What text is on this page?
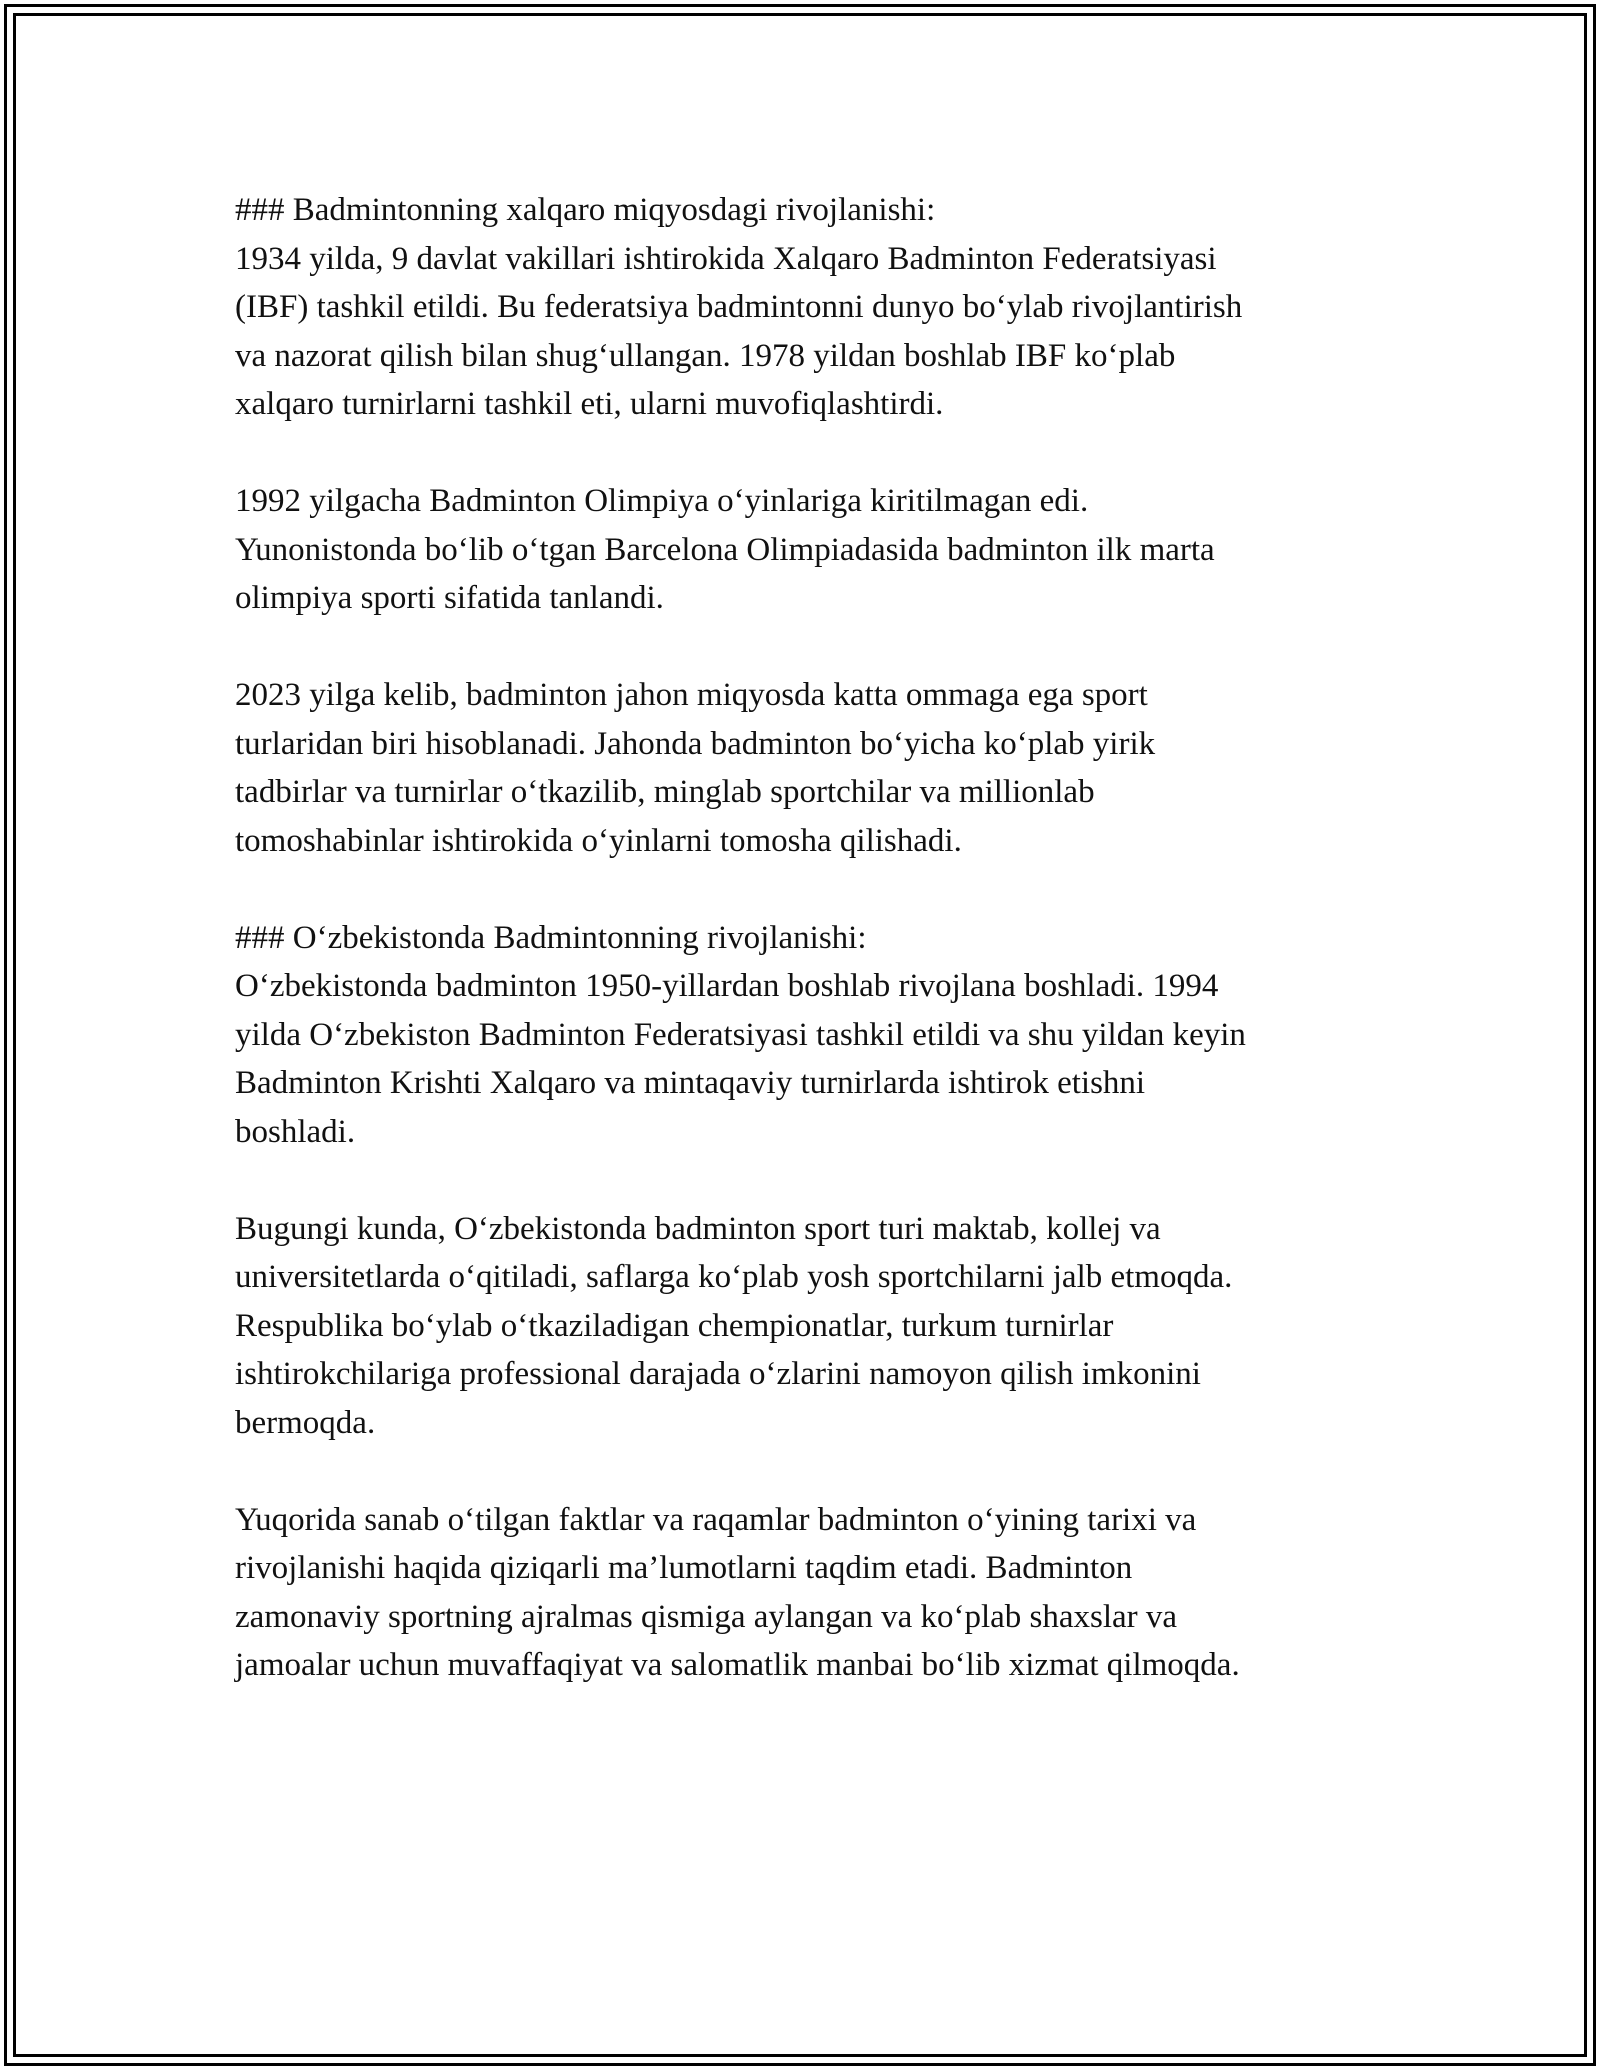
### Badmintonning xalqaro miqyosdagi rivojlanishi:
1934 yilda, 9 davlat vakillari ishtirokida Xalqaro Badminton Federatsiyasi
(IBF) tashkil etildi. Bu federatsiya badmintonni dunyo bo‘ylab rivojlantirish
va nazorat qilish bilan shug‘ullangan. 1978 yildan boshlab IBF ko‘plab
xalqaro turnirlarni tashkil eti, ularni muvofiqlashtirdi.
1992 yilgacha Badminton Olimpiya o‘yinlariga kiritilmagan edi.
Yunonistonda bo‘lib o‘tgan Barcelona Olimpiadasida badminton ilk marta
olimpiya sporti sifatida tanlandi.
2023 yilga kelib, badminton jahon miqyosda katta ommaga ega sport
turlaridan biri hisoblanadi. Jahonda badminton bo‘yicha ko‘plab yirik
tadbirlar va turnirlar o‘tkazilib, minglab sportchilar va millionlab
tomoshabinlar ishtirokida o‘yinlarni tomosha qilishadi.
### O‘zbekistonda Badmintonning rivojlanishi:
O‘zbekistonda badminton 1950-yillardan boshlab rivojlana boshladi. 1994
yilda O‘zbekiston Badminton Federatsiyasi tashkil etildi va shu yildan keyin
Badminton Krishti Xalqaro va mintaqaviy turnirlarda ishtirok etishni
boshladi.
Bugungi kunda, O‘zbekistonda badminton sport turi maktab, kollej va
universitetlarda o‘qitiladi, saflarga ko‘plab yosh sportchilarni jalb etmoqda.
Respublika bo‘ylab o‘tkaziladigan chempionatlar, turkum turnirlar
ishtirokchilariga professional darajada o‘zlarini namoyon qilish imkonini
bermoqda.
Yuqorida sanab o‘tilgan faktlar va raqamlar badminton o‘yining tarixi va
rivojlanishi haqida qiziqarli ma’lumotlarni taqdim etadi. Badminton
zamonaviy sportning ajralmas qismiga aylangan va ko‘plab shaxslar va
jamoalar uchun muvaffaqiyat va salomatlik manbai bo‘lib xizmat qilmoqda.
